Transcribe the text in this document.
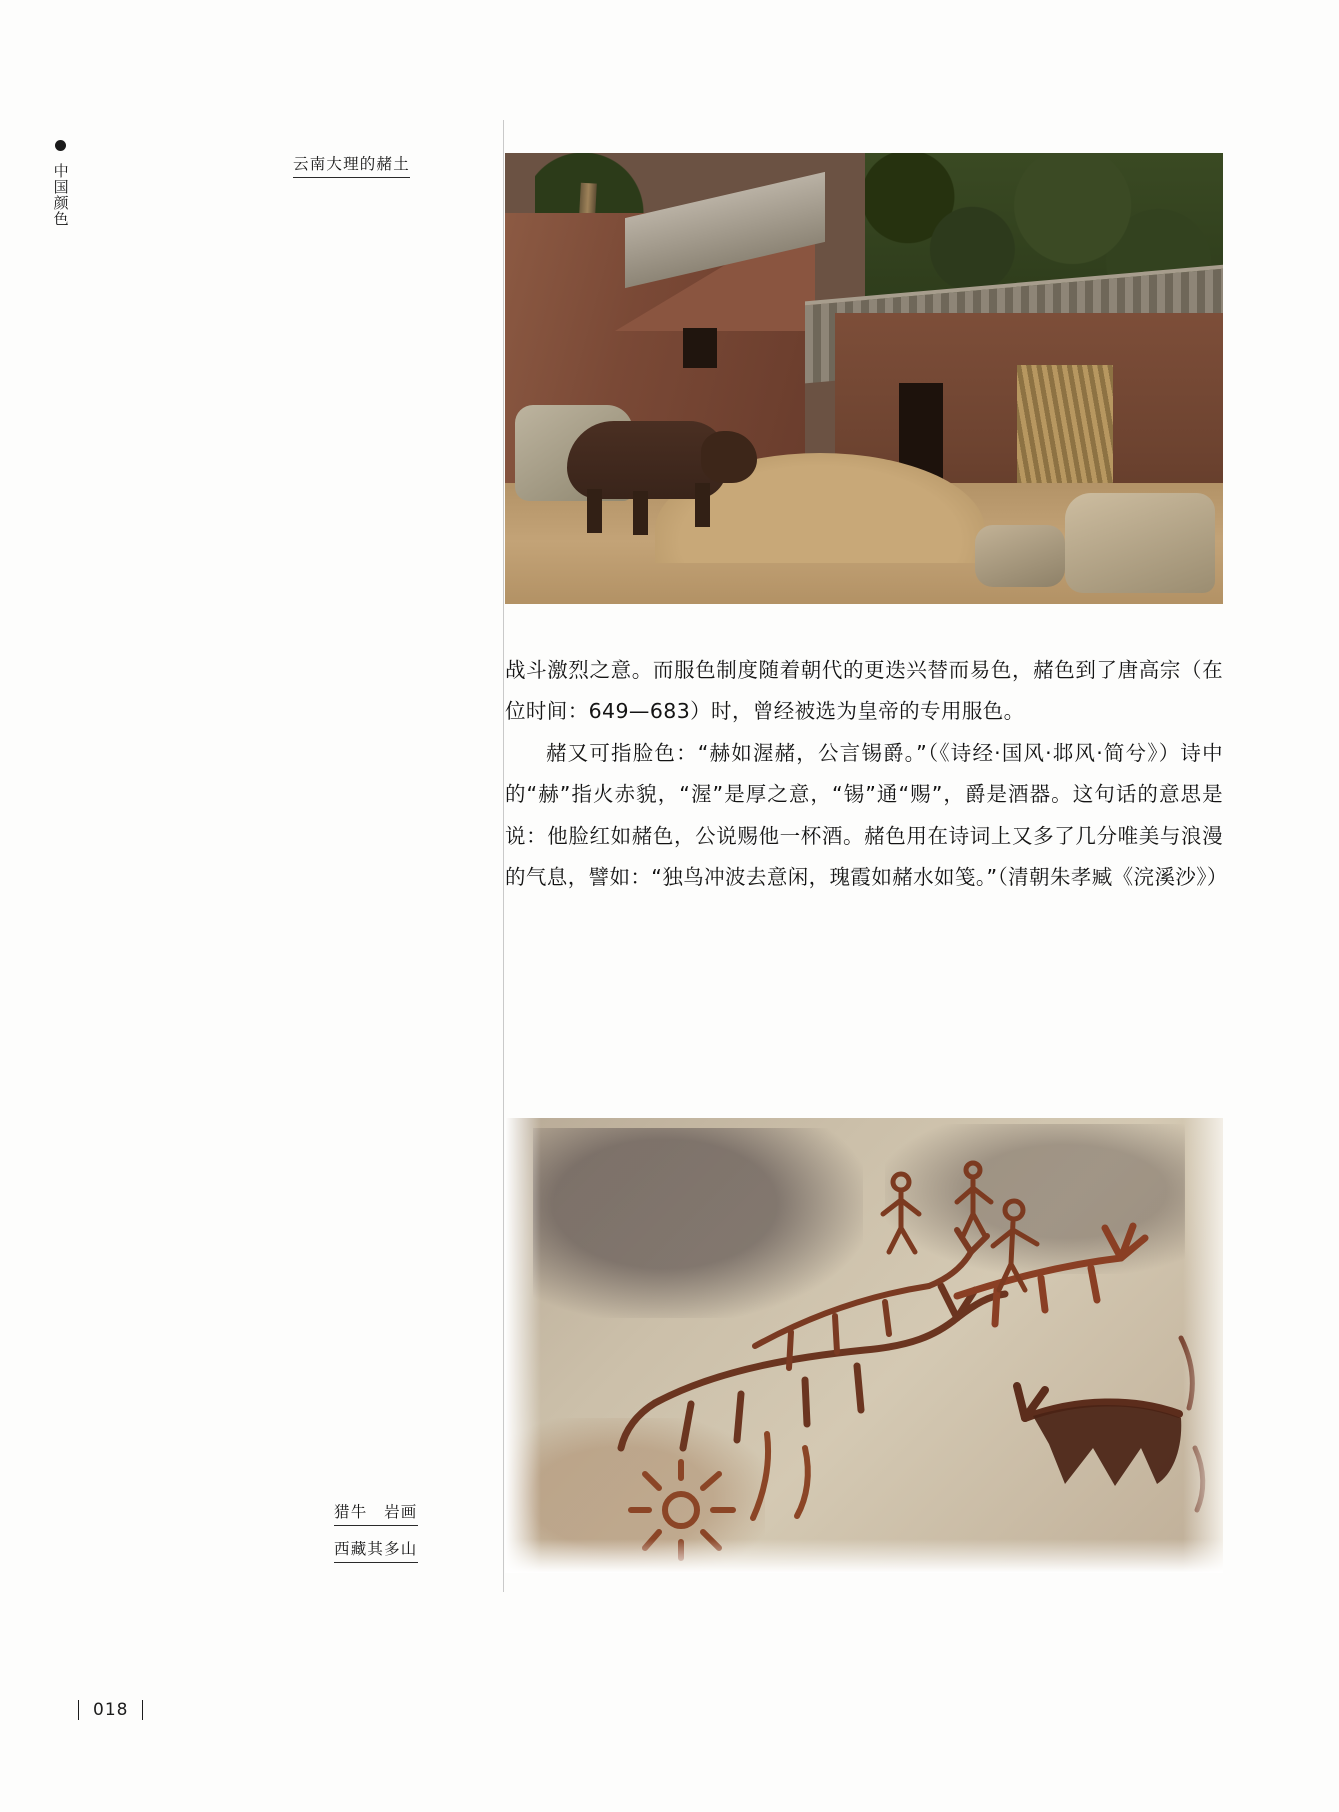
中国颜色	云南大理的赭土

战斗激烈之意。而服色制度随着朝代的更迭兴替而易色，赭色到了唐高宗（在位时间：649—683）时，曾经被选为皇帝的专用服色。

赭又可指脸色：“赫如渥赭，公言锡爵。”（《诗经·国风·邶风·简兮》）诗中的“赫”指火赤貌，“渥”是厚之意，“锡”通“赐”，爵是酒器。这句话的意思是说：他脸红如赭色，公说赐他一杯酒。赭色用在诗词上又多了几分唯美与浪漫的气息，譬如：“独鸟冲波去意闲，瑰霞如赭水如笺。”（清朝朱孝臧《浣溪沙》）

猎牛　岩画
西藏其多山
018
